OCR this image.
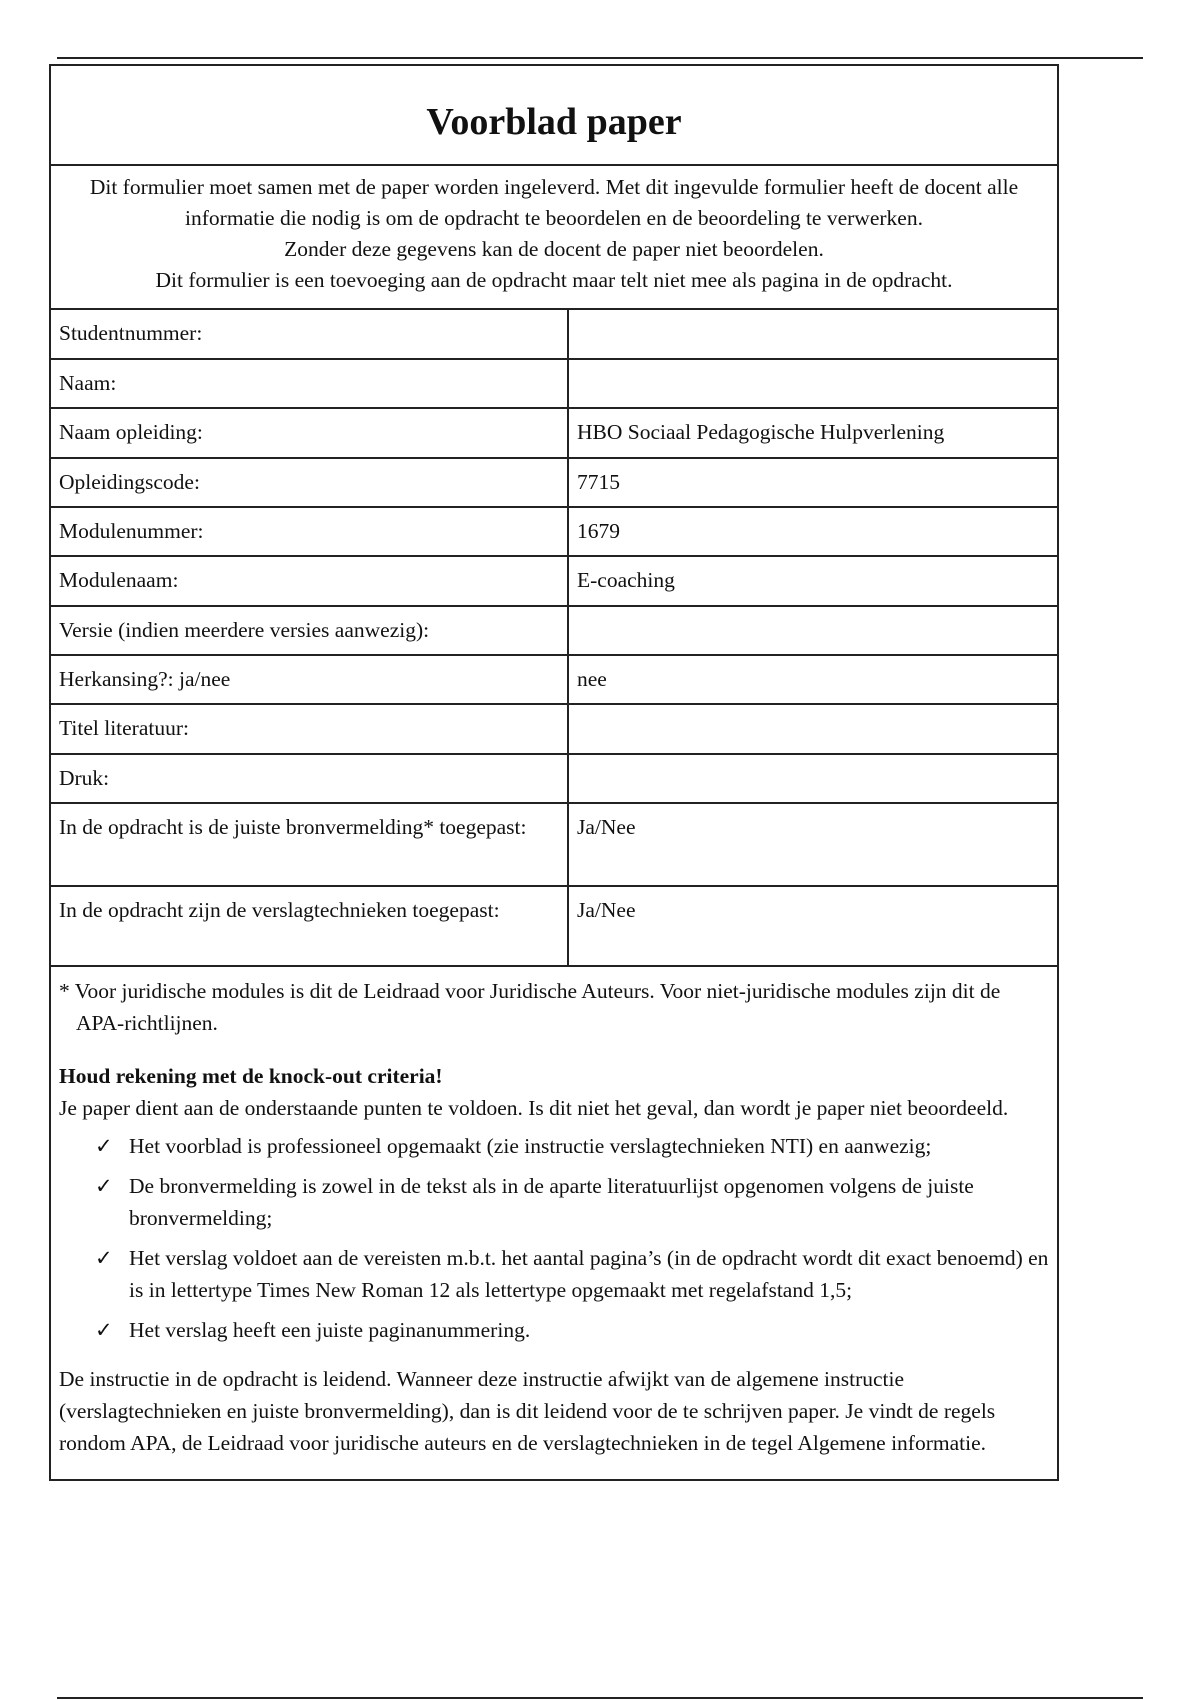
Voorblad paper

Dit formulier moet samen met de paper worden ingeleverd. Met dit ingevulde formulier heeft de docent alle informatie die nodig is om de opdracht te beoordelen en de beoordeling te verwerken.

Zonder deze gegevens kan de docent de paper niet beoordelen.

Dit formulier is een toevoeging aan de opdracht maar telt niet mee als pagina in de opdracht.

Studentnummer:	
Naam:	
Naam opleiding:	HBO Sociaal Pedagogische Hulpverlening
Opleidingscode:	7715
Modulenummer:	1679
Modulenaam:	E-coaching
Versie (indien meerdere versies aanwezig):	
Herkansing?: ja/nee	nee
Titel literatuur:	
Druk:	
In de opdracht is de juiste bronvermelding* toegepast:	Ja/Nee
In de opdracht zijn de verslagtechnieken toegepast:	Ja/Nee

* Voor juridische modules is dit de Leidraad voor Juridische Auteurs. Voor niet-juridische modules zijn dit de APA-richtlijnen.

Houd rekening met de knock-out criteria!

Je paper dient aan de onderstaande punten te voldoen. Is dit niet het geval, dan wordt je paper niet beoordeeld.

✓ Het voorblad is professioneel opgemaakt (zie instructie verslagtechnieken NTI) en aanwezig;
✓ De bronvermelding is zowel in de tekst als in de aparte literatuurlijst opgenomen volgens de juiste bronvermelding;
✓ Het verslag voldoet aan de vereisten m.b.t. het aantal pagina’s (in de opdracht wordt dit exact benoemd) en is in lettertype Times New Roman 12 als lettertype opgemaakt met regelafstand 1,5;
✓ Het verslag heeft een juiste paginanummering.

De instructie in de opdracht is leidend. Wanneer deze instructie afwijkt van de algemene instructie (verslagtechnieken en juiste bronvermelding), dan is dit leidend voor de te schrijven paper. Je vindt de regels rondom APA, de Leidraad voor juridische auteurs en de verslagtechnieken in de tegel Algemene informatie.
